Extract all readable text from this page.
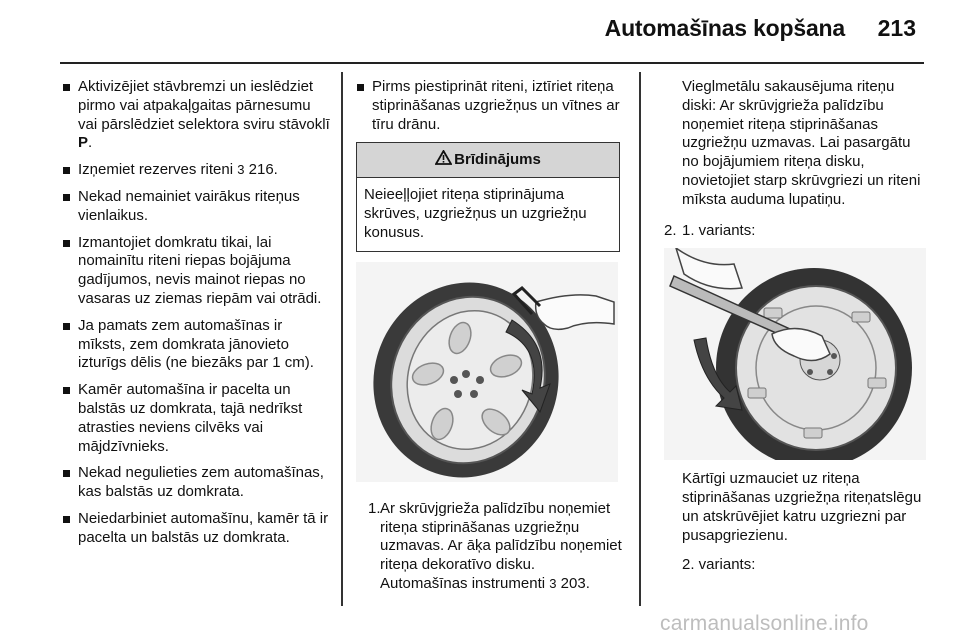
Automašīnas kopšana 213
Aktivizējiet stāvbremzi un ieslēdziet pirmo vai atpakaļgaitas pārnesumu vai pārslēdziet selektora sviru stāvoklī P.
Izņemiet rezerves riteni 3 216.
Nekad nemainiet vairākus riteņus vienlaikus.
Izmantojiet domkratu tikai, lai nomainītu riteni riepas bojājuma gadījumos, nevis mainot riepas no vasaras uz ziemas riepām vai otrādi.
Ja pamats zem automašīnas ir mīksts, zem domkrata jānovieto izturīgs dēlis (ne biezāks par 1 cm).
Kamēr automašīna ir pacelta un balstās uz domkrata, tajā nedrīkst atrasties neviens cilvēks vai mājdzīvnieks.
Nekad negulieties zem automašīnas, kas balstās uz domkrata.
Neiedarbiniet automašīnu, kamēr tā ir pacelta un balstās uz domkrata.
Pirms piestiprināt riteni, iztīriet riteņa stiprināšanas uzgriežņus un vītnes ar tīru drānu.
Brīdinājums
Neieeļļojiet riteņa stiprinājuma skrūves, uzgriežņus un uzgriežņu konusus.
1. Ar skrūvjgrieža palīdzību noņemiet riteņa stiprināšanas uzgriežņu uzmavas. Ar āķa palīdzību noņemiet riteņa dekoratīvo disku. Automašīnas instrumenti 3 203.
Vieglmetālu sakausējuma riteņu diski: Ar skrūvjgrieža palīdzību noņemiet riteņa stiprināšanas uzgriežņu uzmavas. Lai pasargātu no bojājumiem riteņa disku, novietojiet starp skrūvgriezi un riteni mīksta auduma lupatiņu.
2. 1. variants:
Kārtīgi uzmauciet uz riteņa stiprināšanas uzgriežņa riteņatslēgu un atskrūvējiet katru uzgriezni par pusapgriezienu.
2. variants:
carmanualsonline.info
